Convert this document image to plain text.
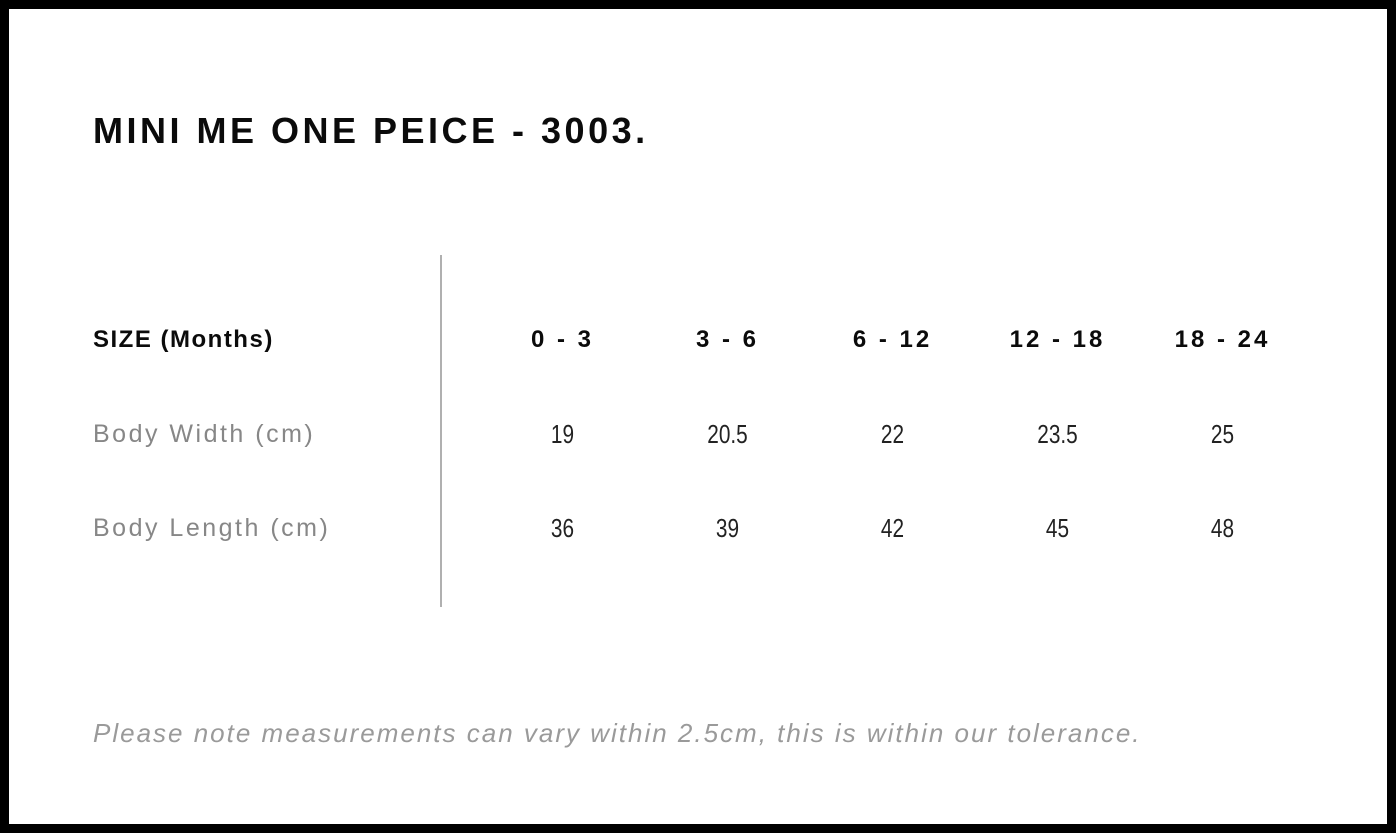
MINI ME ONE PEICE - 3003.
SIZE (Months)	0 - 3	3 - 6	6 - 12	12 - 18	18 - 24
Body Width (cm)	19	20.5	22	23.5	25
Body Length (cm)	36	39	42	45	48

Please note measurements can vary within 2.5cm, this is within our tolerance.
